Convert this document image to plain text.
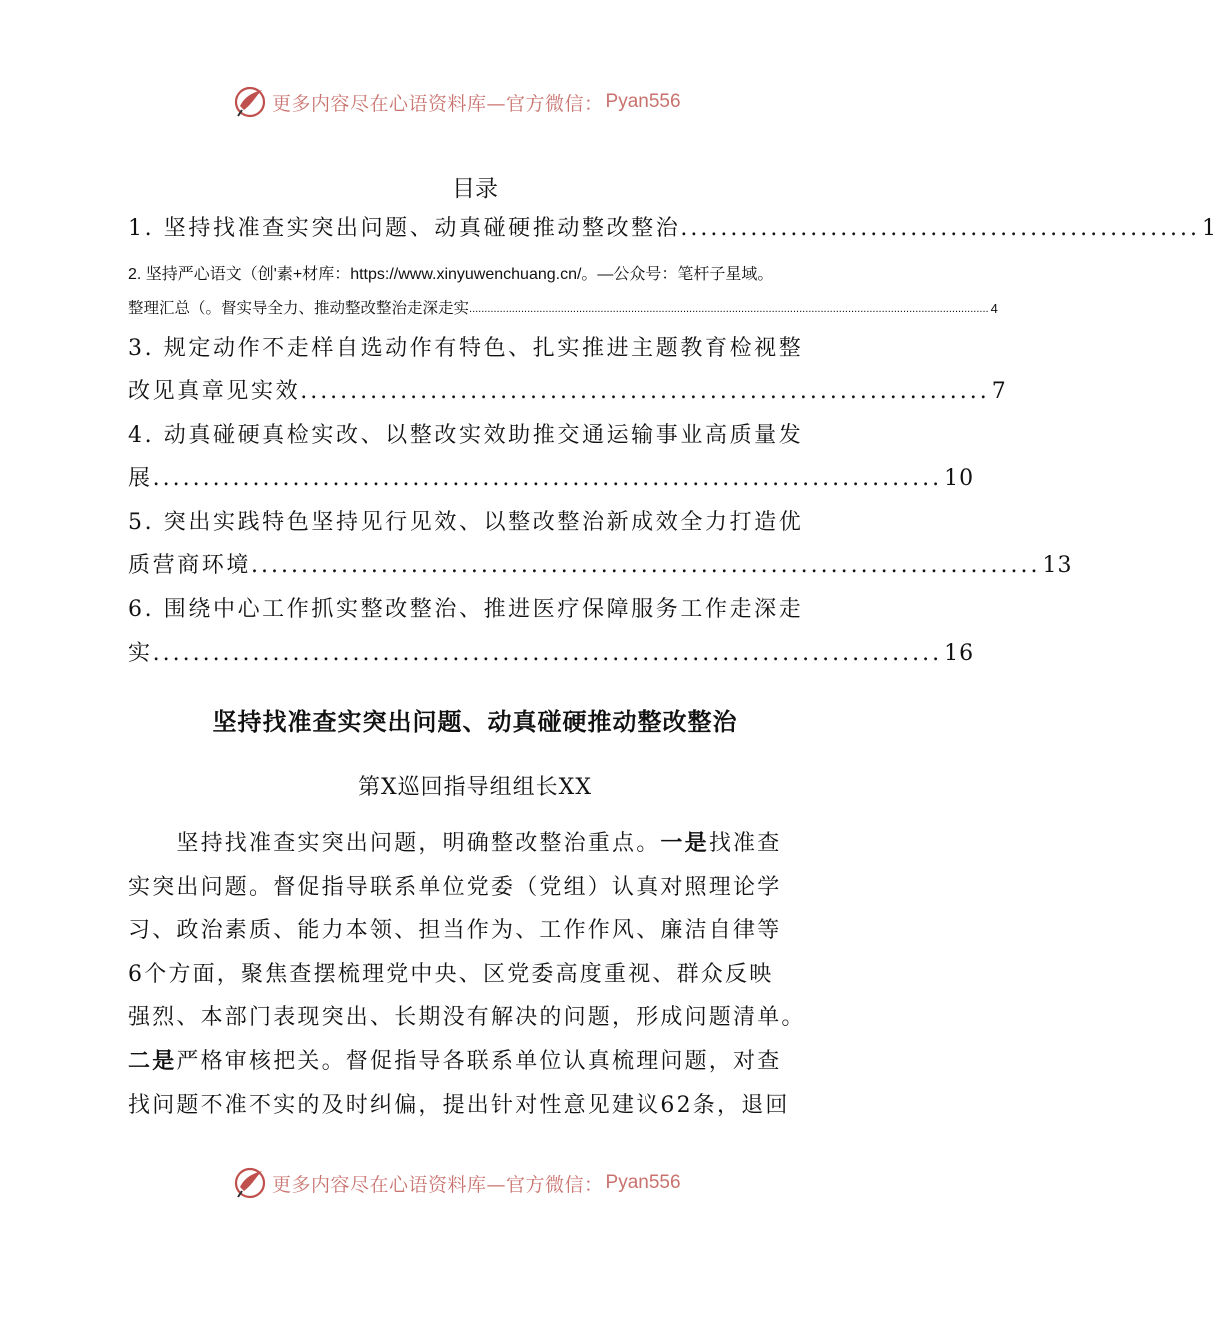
更多内容尽在心语资料库—官方微信： Pyan556
目录
1. 坚持找准查实突出问题、动真碰硬推动整改整治 .................................................... 1
2. 坚持严心语文（创'素+材库：https://www.xinyuwenchuang.cn/。—公众号：笔杆子星域。
整理汇总（。督实导全力、推动整改整治走深走实 .......................................................................................................................................................................... 4
3. 规定动作不走样自选动作有特色、扎实推进主题教育检视整
改见真章见实效 ..................................................................... 7
4. 动真碰硬真检实改、以整改实效助推交通运输事业高质量发
展 ............................................................................... 10
5. 突出实践特色坚持见行见效、以整改整治新成效全力打造优
质营商环境 ............................................................................... 13
6. 围绕中心工作抓实整改整治、推进医疗保障服务工作走深走
实 ............................................................................... 16
坚持找准查实突出问题、动真碰硬推动整改整治
第X巡回指导组组长XX
　　坚持找准查实突出问题，明确整改整治重点。一是找准查
实突出问题。督促指导联系单位党委（党组）认真对照理论学
习、政治素质、能力本领、担当作为、工作作风、廉洁自律等
6个方面，聚焦查摆梳理党中央、区党委高度重视、群众反映
强烈、本部门表现突出、长期没有解决的问题，形成问题清单。
二是严格审核把关。督促指导各联系单位认真梳理问题，对查
找问题不准不实的及时纠偏，提出针对性意见建议62条，退回
更多内容尽在心语资料库—官方微信： Pyan556
